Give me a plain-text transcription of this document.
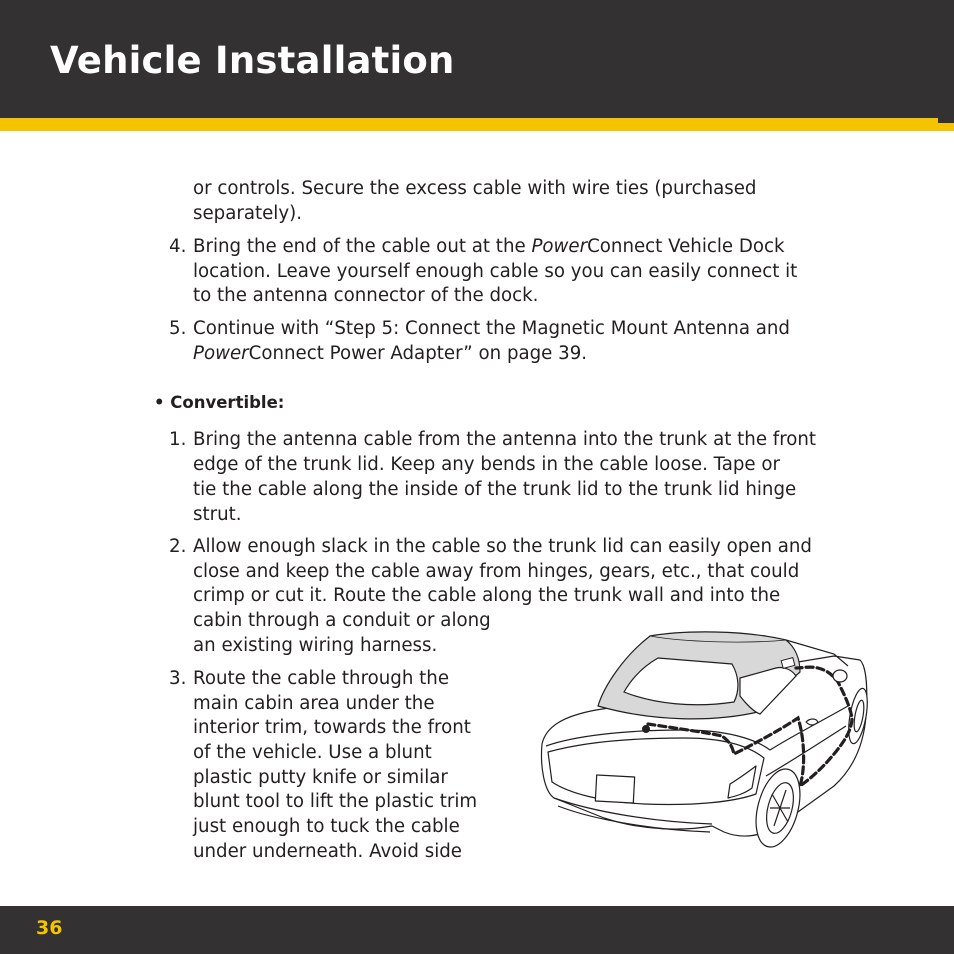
Vehicle Installation

or controls. Secure the excess cable with wire ties (purchased

separately).

4. Bring the end of the cable out at the PowerConnect Vehicle Dock

location. Leave yourself enough cable so you can easily connect it

to the antenna connector of the dock.

5. Continue with “Step 5: Connect the Magnetic Mount Antenna and

PowerConnect Power Adapter” on page 39.

• Convertible:

1. Bring the antenna cable from the antenna into the trunk at the front

edge of the trunk lid. Keep any bends in the cable loose. Tape or

tie the cable along the inside of the trunk lid to the trunk lid hinge

strut.

2. Allow enough slack in the cable so the trunk lid can easily open and

close and keep the cable away from hinges, gears, etc., that could

crimp or cut it. Route the cable along the trunk wall and into the

cabin through a conduit or along

an existing wiring harness.

3. Route the cable through the

main cabin area under the

interior trim, towards the front

of the vehicle. Use a blunt

plastic putty knife or similar

blunt tool to lift the plastic trim

just enough to tuck the cable

under underneath. Avoid side

36
